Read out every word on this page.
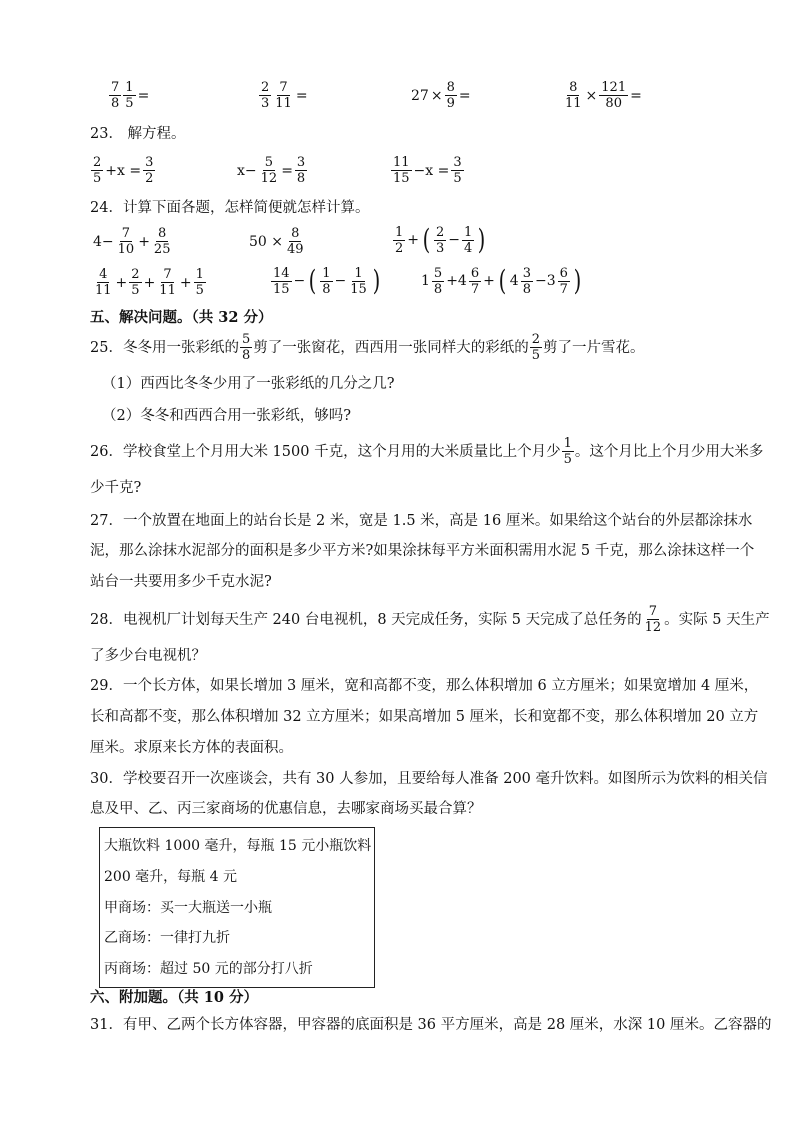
$\frac{7}{8} \frac{1}{5}$ =	$\frac{2}{3} \frac{7}{11}$ =	$27 \times \frac{8}{9}$ =	$\frac{8}{11} \times \frac{121}{80}$ =
23． 解方程。
$\frac{2}{5} +x = \frac{3}{2}$	$x- \frac{5}{12} = \frac{3}{8}$	$\frac{11}{15} -x = \frac{3}{5}$
24．计算下面各题，怎样简便就怎样计算。
$4- \frac{7}{10} + \frac{8}{25}$	$50 \times \frac{8}{49}$	$\frac{1}{2}$ + ( $\frac{2}{3} - \frac{1}{4}$ )
$\frac{4}{11} + \frac{2}{5} + \frac{7}{11} + \frac{1}{5}$	$\frac{14}{15}$ − ( $\frac{1}{8} - \frac{1}{15}$ )	$1 \frac{5}{8} +4 \frac{6}{7}$ + ( $4 \frac{3}{8} -3 \frac{6}{7}$ )
五、解决问题。（共 32 分）
25．冬冬用一张彩纸的 $\frac{5}{8}$ 剪了一张窗花，西西用一张同样大的彩纸的 $\frac{2}{5}$ 剪了一片雪花。
（1）西西比冬冬少用了一张彩纸的几分之几?
（2）冬冬和西西合用一张彩纸，够吗?
26．学校食堂上个月用大米 1500 千克，这个月用的大米质量比上个月少 $\frac{1}{5}$ 。这个月比上个月少用大米多
少千克?
27．一个放置在地面上的站台长是 2 米，宽是 1.5 米，高是 16 厘米。如果给这个站台的外层都涂抹水
泥，那么涂抹水泥部分的面积是多少平方米?如果涂抹每平方米面积需用水泥 5 千克，那么涂抹这样一个
站台一共要用多少千克水泥?
28．电视机厂计划每天生产 240 台电视机，8 天完成任务，实际 5 天完成了总任务的 $\frac{7}{12}$ 。实际 5 天生产
了多少台电视机？
29．一个长方体，如果长增加 3 厘米，宽和高都不变，那么体积增加 6 立方厘米；如果宽增加 4 厘米，
长和高都不变，那么体积增加 32 立方厘米；如果高增加 5 厘米，长和宽都不变，那么体积增加 20 立方
厘米。求原来长方体的表面积。
30．学校要召开一次座谈会，共有 30 人参加，且要给每人准备 200 毫升饮料。如图所示为饮料的相关信
息及甲、乙、丙三家商场的优惠信息，去哪家商场买最合算？
大瓶饮料 1000 毫升，每瓶 15 元小瓶饮料
200 毫升，每瓶 4 元
甲商场：买一大瓶送一小瓶
乙商场：一律打九折
丙商场：超过 50 元的部分打八折
六、附加题。（共 10 分）
31．有甲、乙两个长方体容器，甲容器的底面积是 36 平方厘米，高是 28 厘米，水深 10 厘米。乙容器的
